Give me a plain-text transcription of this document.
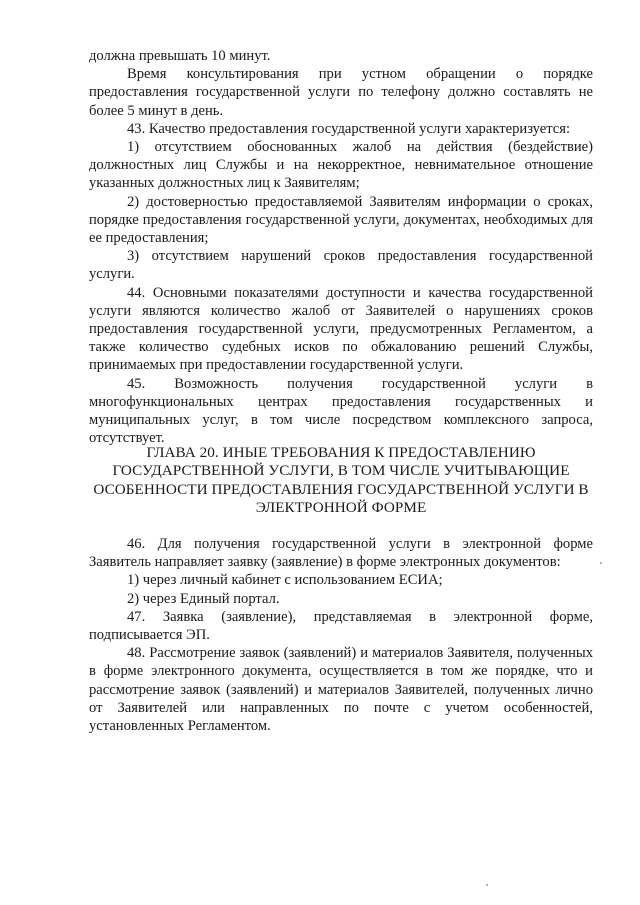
должна превышать 10 минут.

Время консультирования при устном обращении о порядке предоставления государственной услуги по телефону должно составлять не более 5 минут в день.

43. Качество предоставления государственной услуги характеризуется:

1) отсутствием обоснованных жалоб на действия (бездействие) должностных лиц Службы и на некорректное, невнимательное отношение указанных должностных лиц к Заявителям;

2) достоверностью предоставляемой Заявителям информации о сроках, порядке предоставления государственной услуги, документах, необходимых для ее предоставления;

3) отсутствием нарушений сроков предоставления государственной услуги.

44. Основными показателями доступности и качества государственной услуги являются количество жалоб от Заявителей о нарушениях сроков предоставления государственной услуги, предусмотренных Регламентом, а также количество судебных исков по обжалованию решений Службы, принимаемых при предоставлении государственной услуги.

45. Возможность получения государственной услуги в многофункциональных центрах предоставления государственных и муниципальных услуг, в том числе посредством комплексного запроса, отсутствует.

ГЛАВА 20. ИНЫЕ ТРЕБОВАНИЯ К ПРЕДОСТАВЛЕНИЮ ГОСУДАРСТВЕННОЙ УСЛУГИ, В ТОМ ЧИСЛЕ УЧИТЫВАЮЩИЕ ОСОБЕННОСТИ ПРЕДОСТАВЛЕНИЯ ГОСУДАРСТВЕННОЙ УСЛУГИ В ЭЛЕКТРОННОЙ ФОРМЕ

46. Для получения государственной услуги в электронной форме Заявитель направляет заявку (заявление) в форме электронных документов:

1) через личный кабинет с использованием ЕСИА;

2) через Единый портал.

47. Заявка (заявление), представляемая в электронной форме, подписывается ЭП.

48. Рассмотрение заявок (заявлений) и материалов Заявителя, полученных в форме электронного документа, осуществляется в том же порядке, что и рассмотрение заявок (заявлений) и материалов Заявителей, полученных лично от Заявителей или направленных по почте с учетом особенностей, установленных Регламентом.
